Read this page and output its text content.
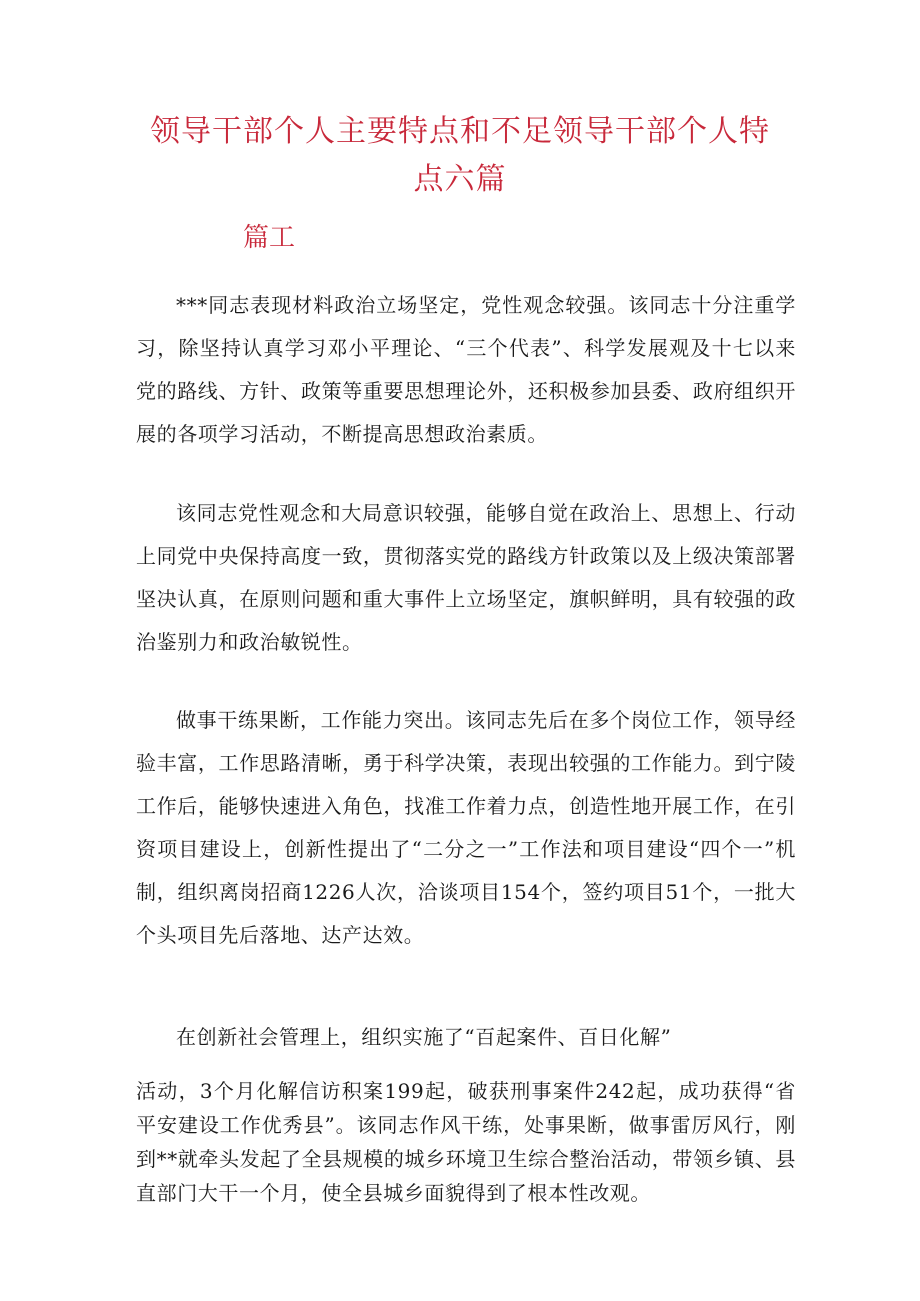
领导干部个人主要特点和不足领导干部个人特
点六篇
篇工

***同志表现材料政治立场坚定，党性观念较强。该同志十分注重学习，除坚持认真学习邓小平理论、“三个代表”、科学发展观及十七以来党的路线、方针、政策等重要思想理论外，还积极参加县委、政府组织开展的各项学习活动，不断提高思想政治素质。

该同志党性观念和大局意识较强，能够自觉在政治上、思想上、行动上同党中央保持高度一致，贯彻落实党的路线方针政策以及上级决策部署坚决认真，在原则问题和重大事件上立场坚定，旗帜鲜明，具有较强的政治鉴别力和政治敏锐性。

做事干练果断，工作能力突出。该同志先后在多个岗位工作，领导经验丰富，工作思路清晰，勇于科学决策，表现出较强的工作能力。到宁陵工作后，能够快速进入角色，找准工作着力点，创造性地开展工作，在引资项目建设上，创新性提出了“二分之一”工作法和项目建设“四个一”机制，组织离岗招商1226人次，洽谈项目154个，签约项目51个，一批大个头项目先后落地、达产达效。

在创新社会管理上，组织实施了“百起案件、百日化解”

活动，3个月化解信访积案199起，破获刑事案件242起，成功获得“省平安建设工作优秀县”。该同志作风干练，处事果断，做事雷厉风行，刚到**就牵头发起了全县规模的城乡环境卫生综合整治活动，带领乡镇、县直部门大干一个月，使全县城乡面貌得到了根本性改观。
